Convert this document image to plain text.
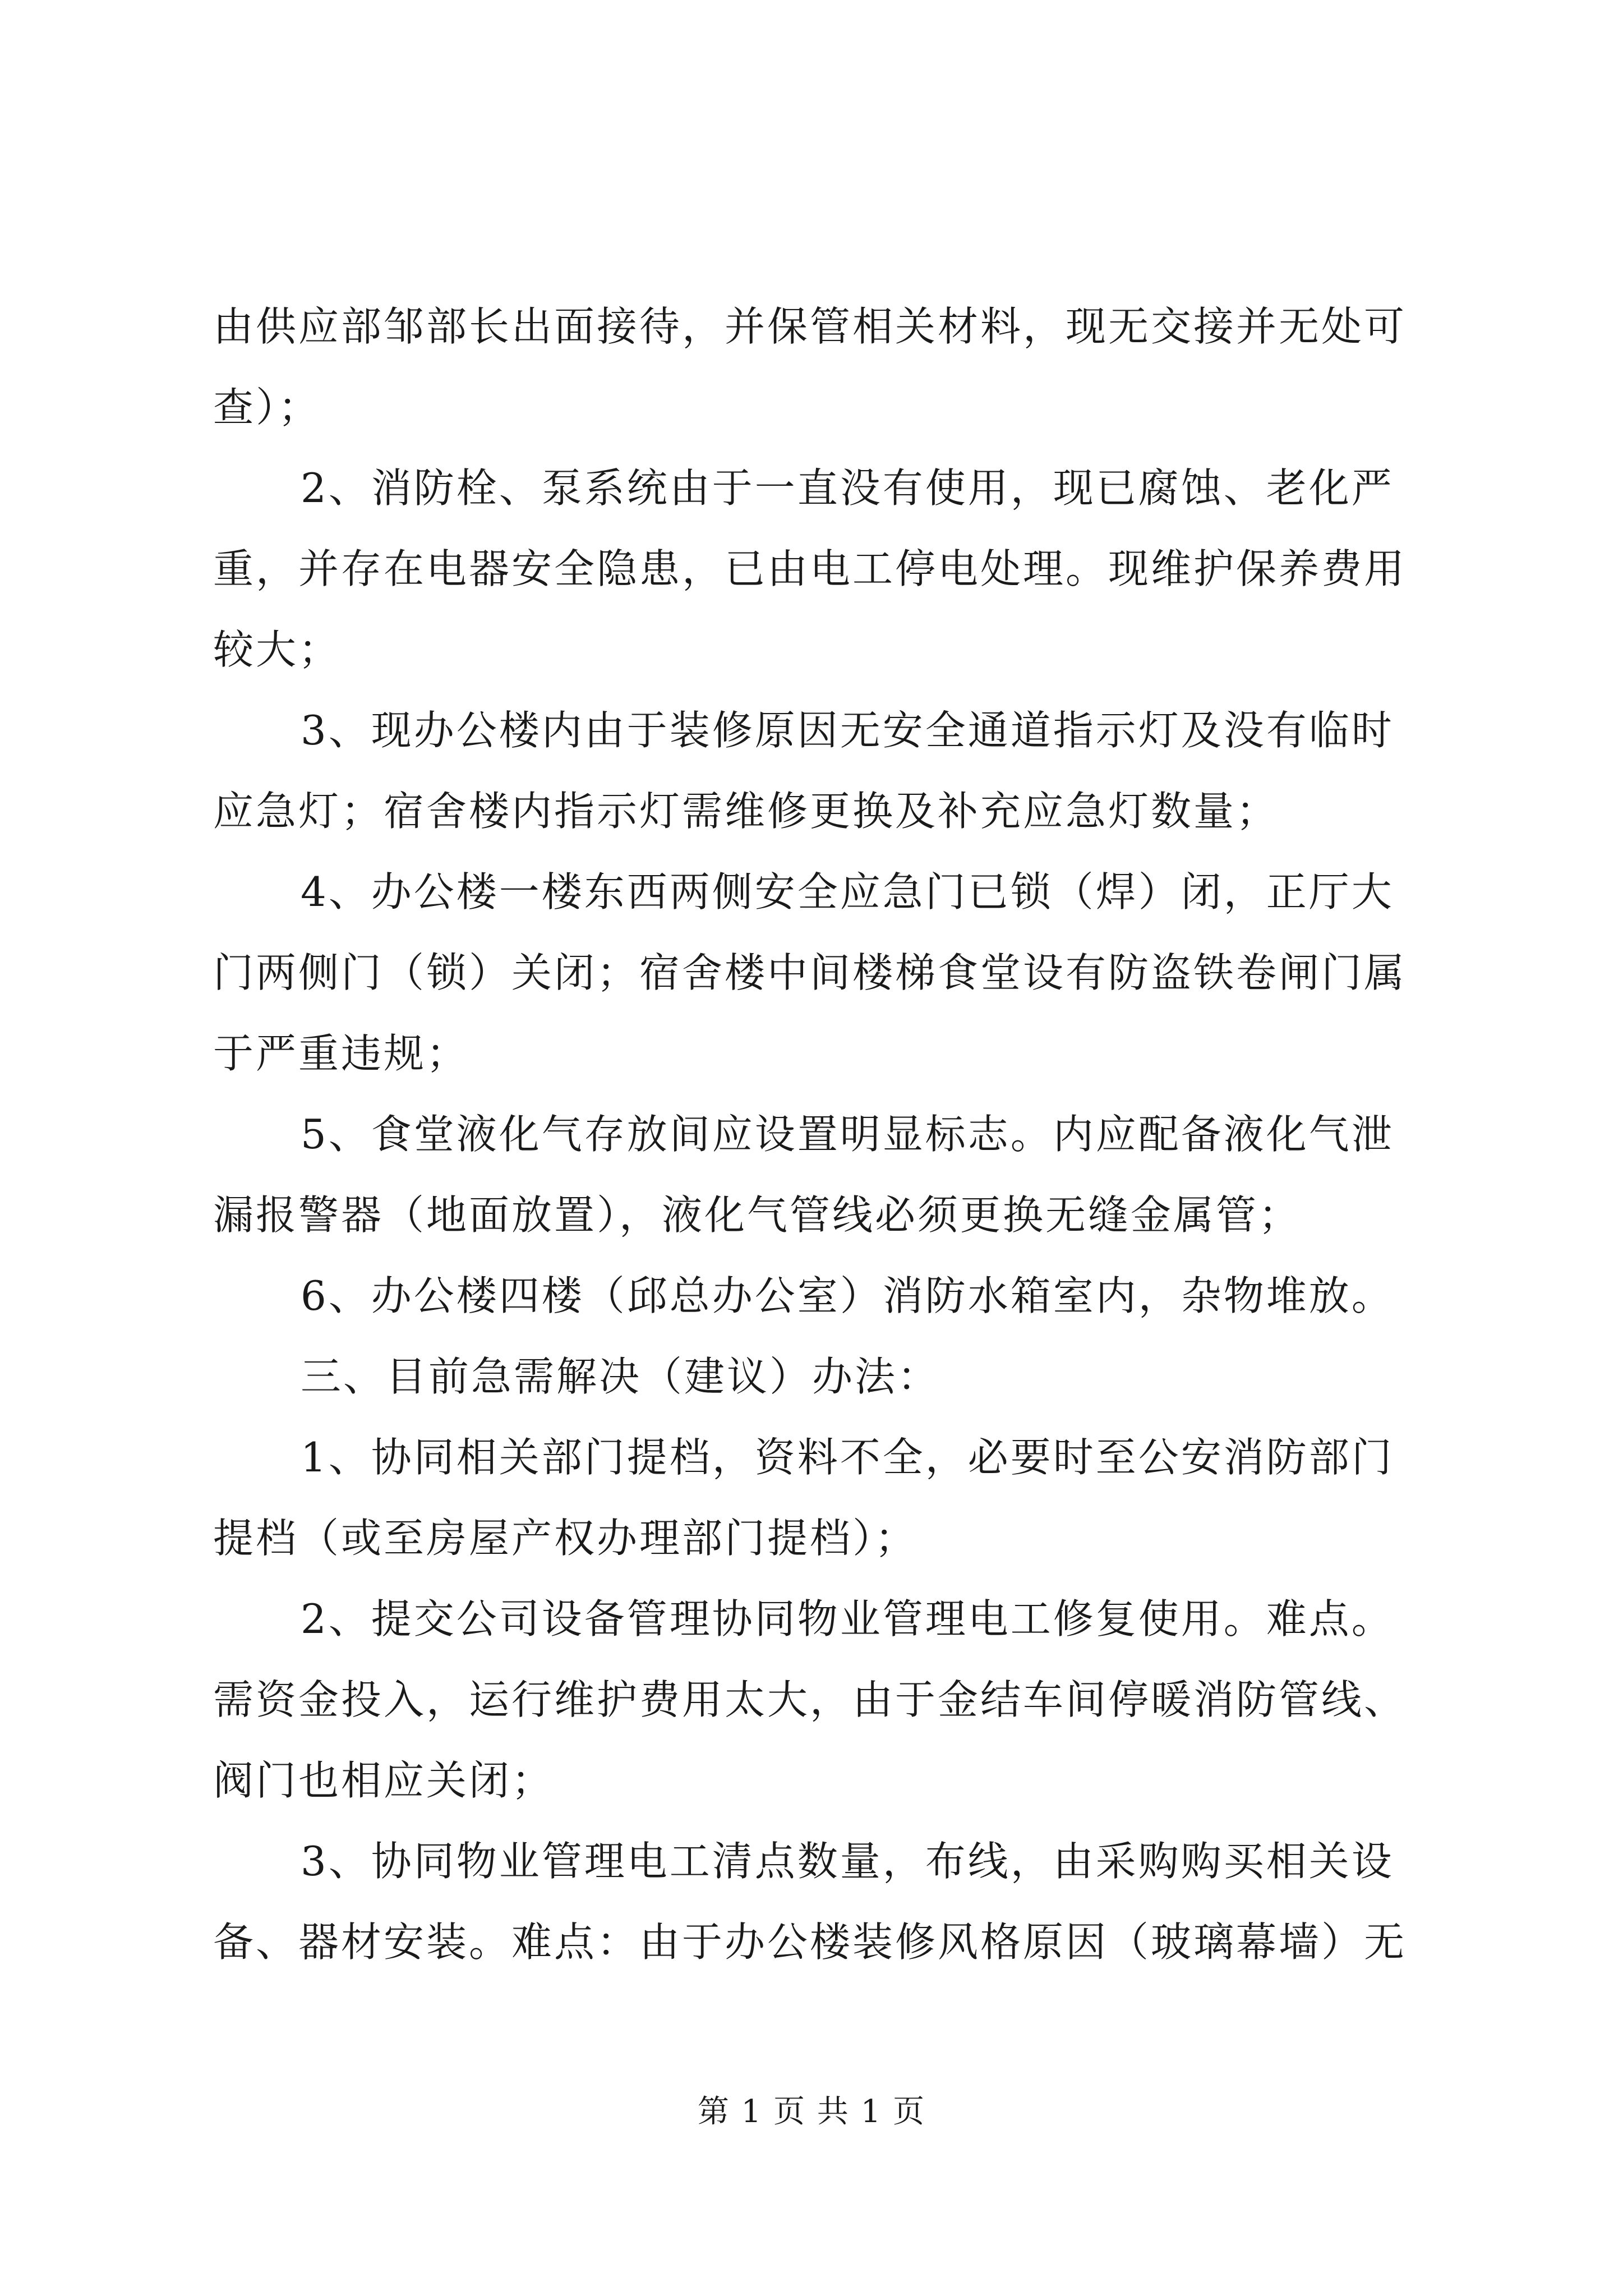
由供应部邹部长出面接待，并保管相关材料，现无交接并无处可
查）；
2、消防栓、泵系统由于一直没有使用，现已腐蚀、老化严
重，并存在电器安全隐患，已由电工停电处理。现维护保养费用
较大；
3、现办公楼内由于装修原因无安全通道指示灯及没有临时
应急灯；宿舍楼内指示灯需维修更换及补充应急灯数量；
4、办公楼一楼东西两侧安全应急门已锁（焊）闭，正厅大
门两侧门（锁）关闭；宿舍楼中间楼梯食堂设有防盗铁卷闸门属
于严重违规；
5、食堂液化气存放间应设置明显标志。内应配备液化气泄
漏报警器（地面放置），液化气管线必须更换无缝金属管；
6、办公楼四楼（邱总办公室）消防水箱室内，杂物堆放。
三、目前急需解决（建议）办法：
1、协同相关部门提档，资料不全，必要时至公安消防部门
提档（或至房屋产权办理部门提档）；
2、提交公司设备管理协同物业管理电工修复使用。难点。
需资金投入，运行维护费用太大，由于金结车间停暖消防管线、
阀门也相应关闭；
3、协同物业管理电工清点数量，布线，由采购购买相关设
备、器材安装。难点：由于办公楼装修风格原因（玻璃幕墙）无
第 1 页 共 1 页
